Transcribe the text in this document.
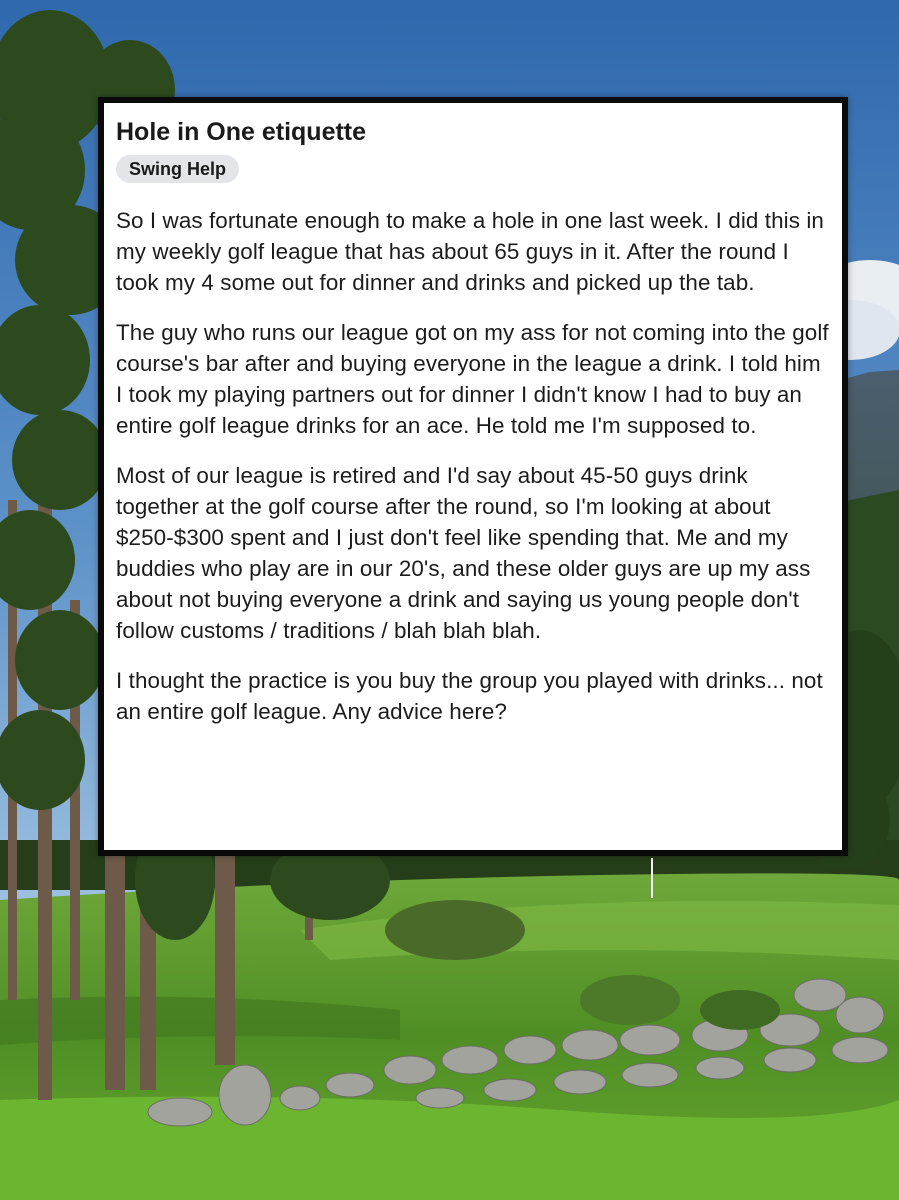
Hole in One etiquette
Swing Help

So I was fortunate enough to make a hole in one last week. I did this in my weekly golf league that has about 65 guys in it. After the round I took my 4 some out for dinner and drinks and picked up the tab.

The guy who runs our league got on my ass for not coming into the golf course's bar after and buying everyone in the league a drink. I told him I took my playing partners out for dinner I didn't know I had to buy an entire golf league drinks for an ace. He told me I'm supposed to.

Most of our league is retired and I'd say about 45-50 guys drink together at the golf course after the round, so I'm looking at about $250-$300 spent and I just don't feel like spending that. Me and my buddies who play are in our 20's, and these older guys are up my ass about not buying everyone a drink and saying us young people don't follow customs / traditions / blah blah blah.

I thought the practice is you buy the group you played with drinks... not an entire golf league. Any advice here?
